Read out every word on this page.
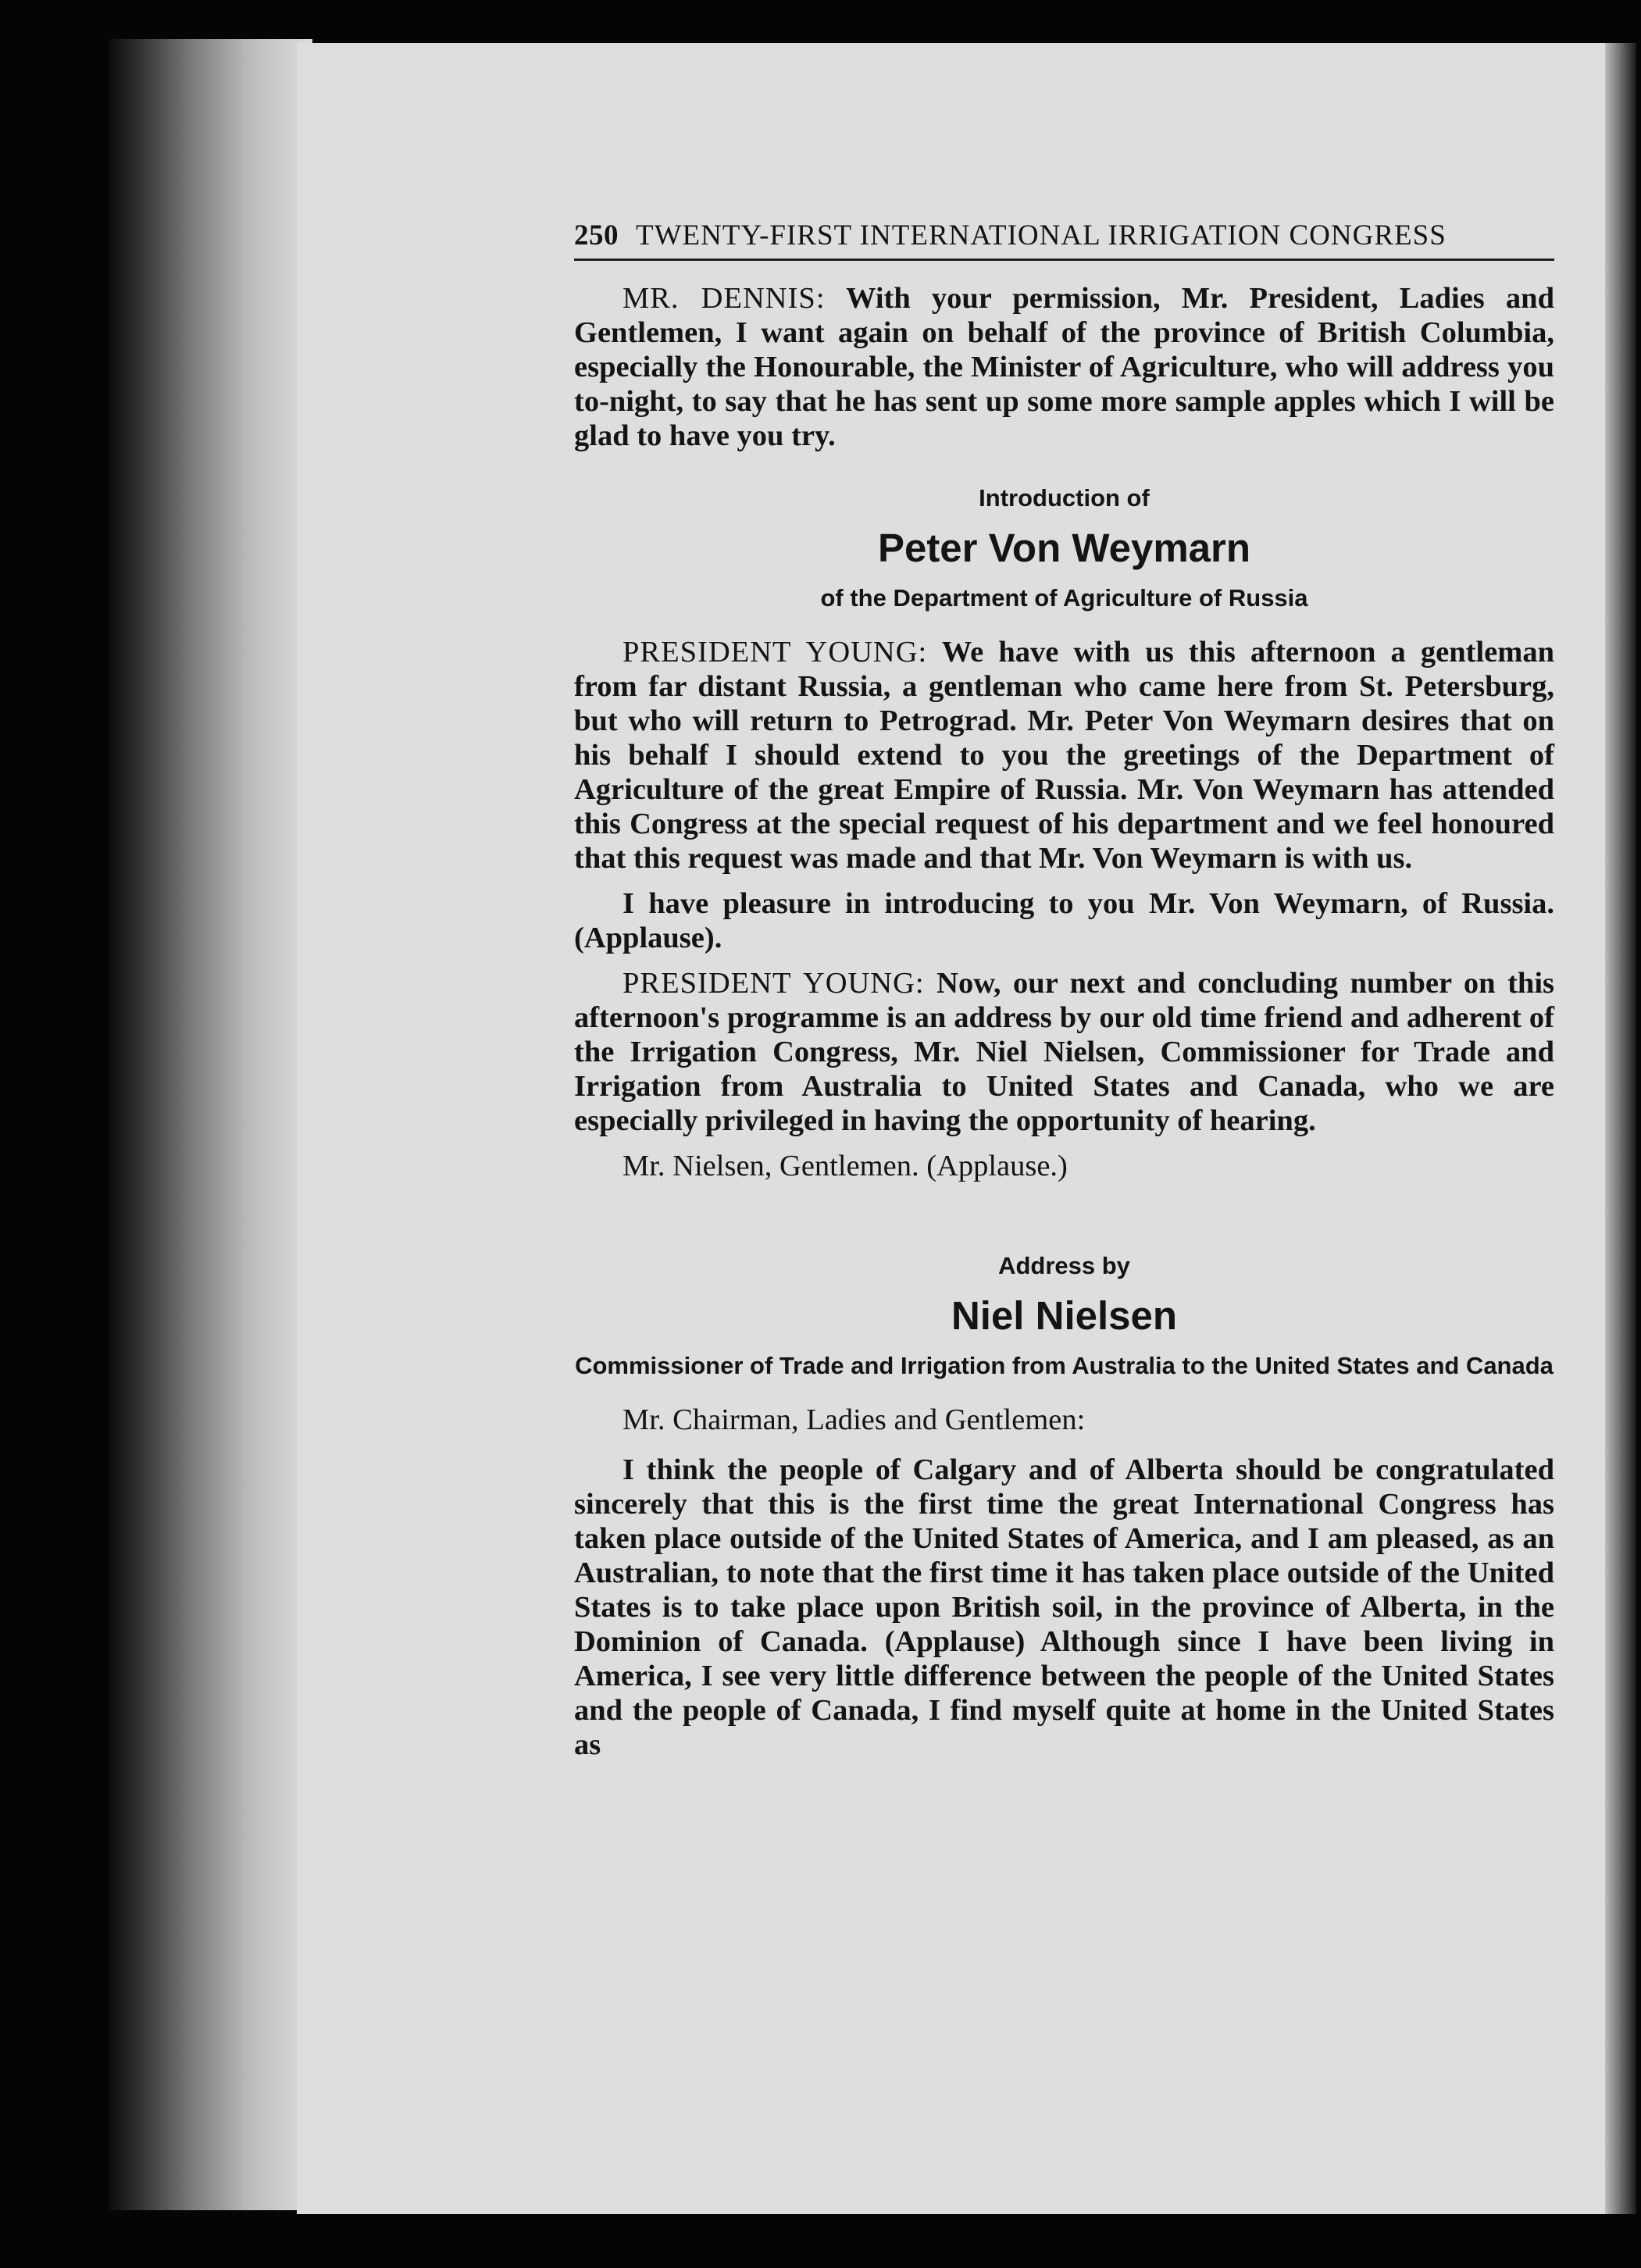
250 TWENTY-FIRST INTERNATIONAL IRRIGATION CONGRESS

MR. DENNIS: With your permission, Mr. President, Ladies and Gentlemen, I want again on behalf of the province of British Columbia, especially the Honourable, the Minister of Agriculture, who will address you to-night, to say that he has sent up some more sample apples which I will be glad to have you try.

Introduction of
Peter Von Weymarn
of the Department of Agriculture of Russia

PRESIDENT YOUNG: We have with us this afternoon a gentleman from far distant Russia, a gentleman who came here from St. Petersburg, but who will return to Petrograd. Mr. Peter Von Weymarn desires that on his behalf I should extend to you the greetings of the Department of Agriculture of the great Empire of Russia. Mr. Von Weymarn has attended this Congress at the special request of his department and we feel honoured that this request was made and that Mr. Von Weymarn is with us.

I have pleasure in introducing to you Mr. Von Weymarn, of Russia. (Applause).

PRESIDENT YOUNG: Now, our next and concluding number on this afternoon's programme is an address by our old time friend and adherent of the Irrigation Congress, Mr. Niel Nielsen, Commissioner for Trade and Irrigation from Australia to United States and Canada, who we are especially privileged in having the opportunity of hearing.

Mr. Nielsen, Gentlemen. (Applause.)

Address by
Niel Nielsen
Commissioner of Trade and Irrigation from Australia to the United States and Canada

Mr. Chairman, Ladies and Gentlemen:

I think the people of Calgary and of Alberta should be congratulated sincerely that this is the first time the great International Congress has taken place outside of the United States of America, and I am pleased, as an Australian, to note that the first time it has taken place outside of the United States is to take place upon British soil, in the province of Alberta, in the Dominion of Canada. (Applause) Although since I have been living in America, I see very little difference between the people of the United States and the people of Canada, I find myself quite at home in the United States as
